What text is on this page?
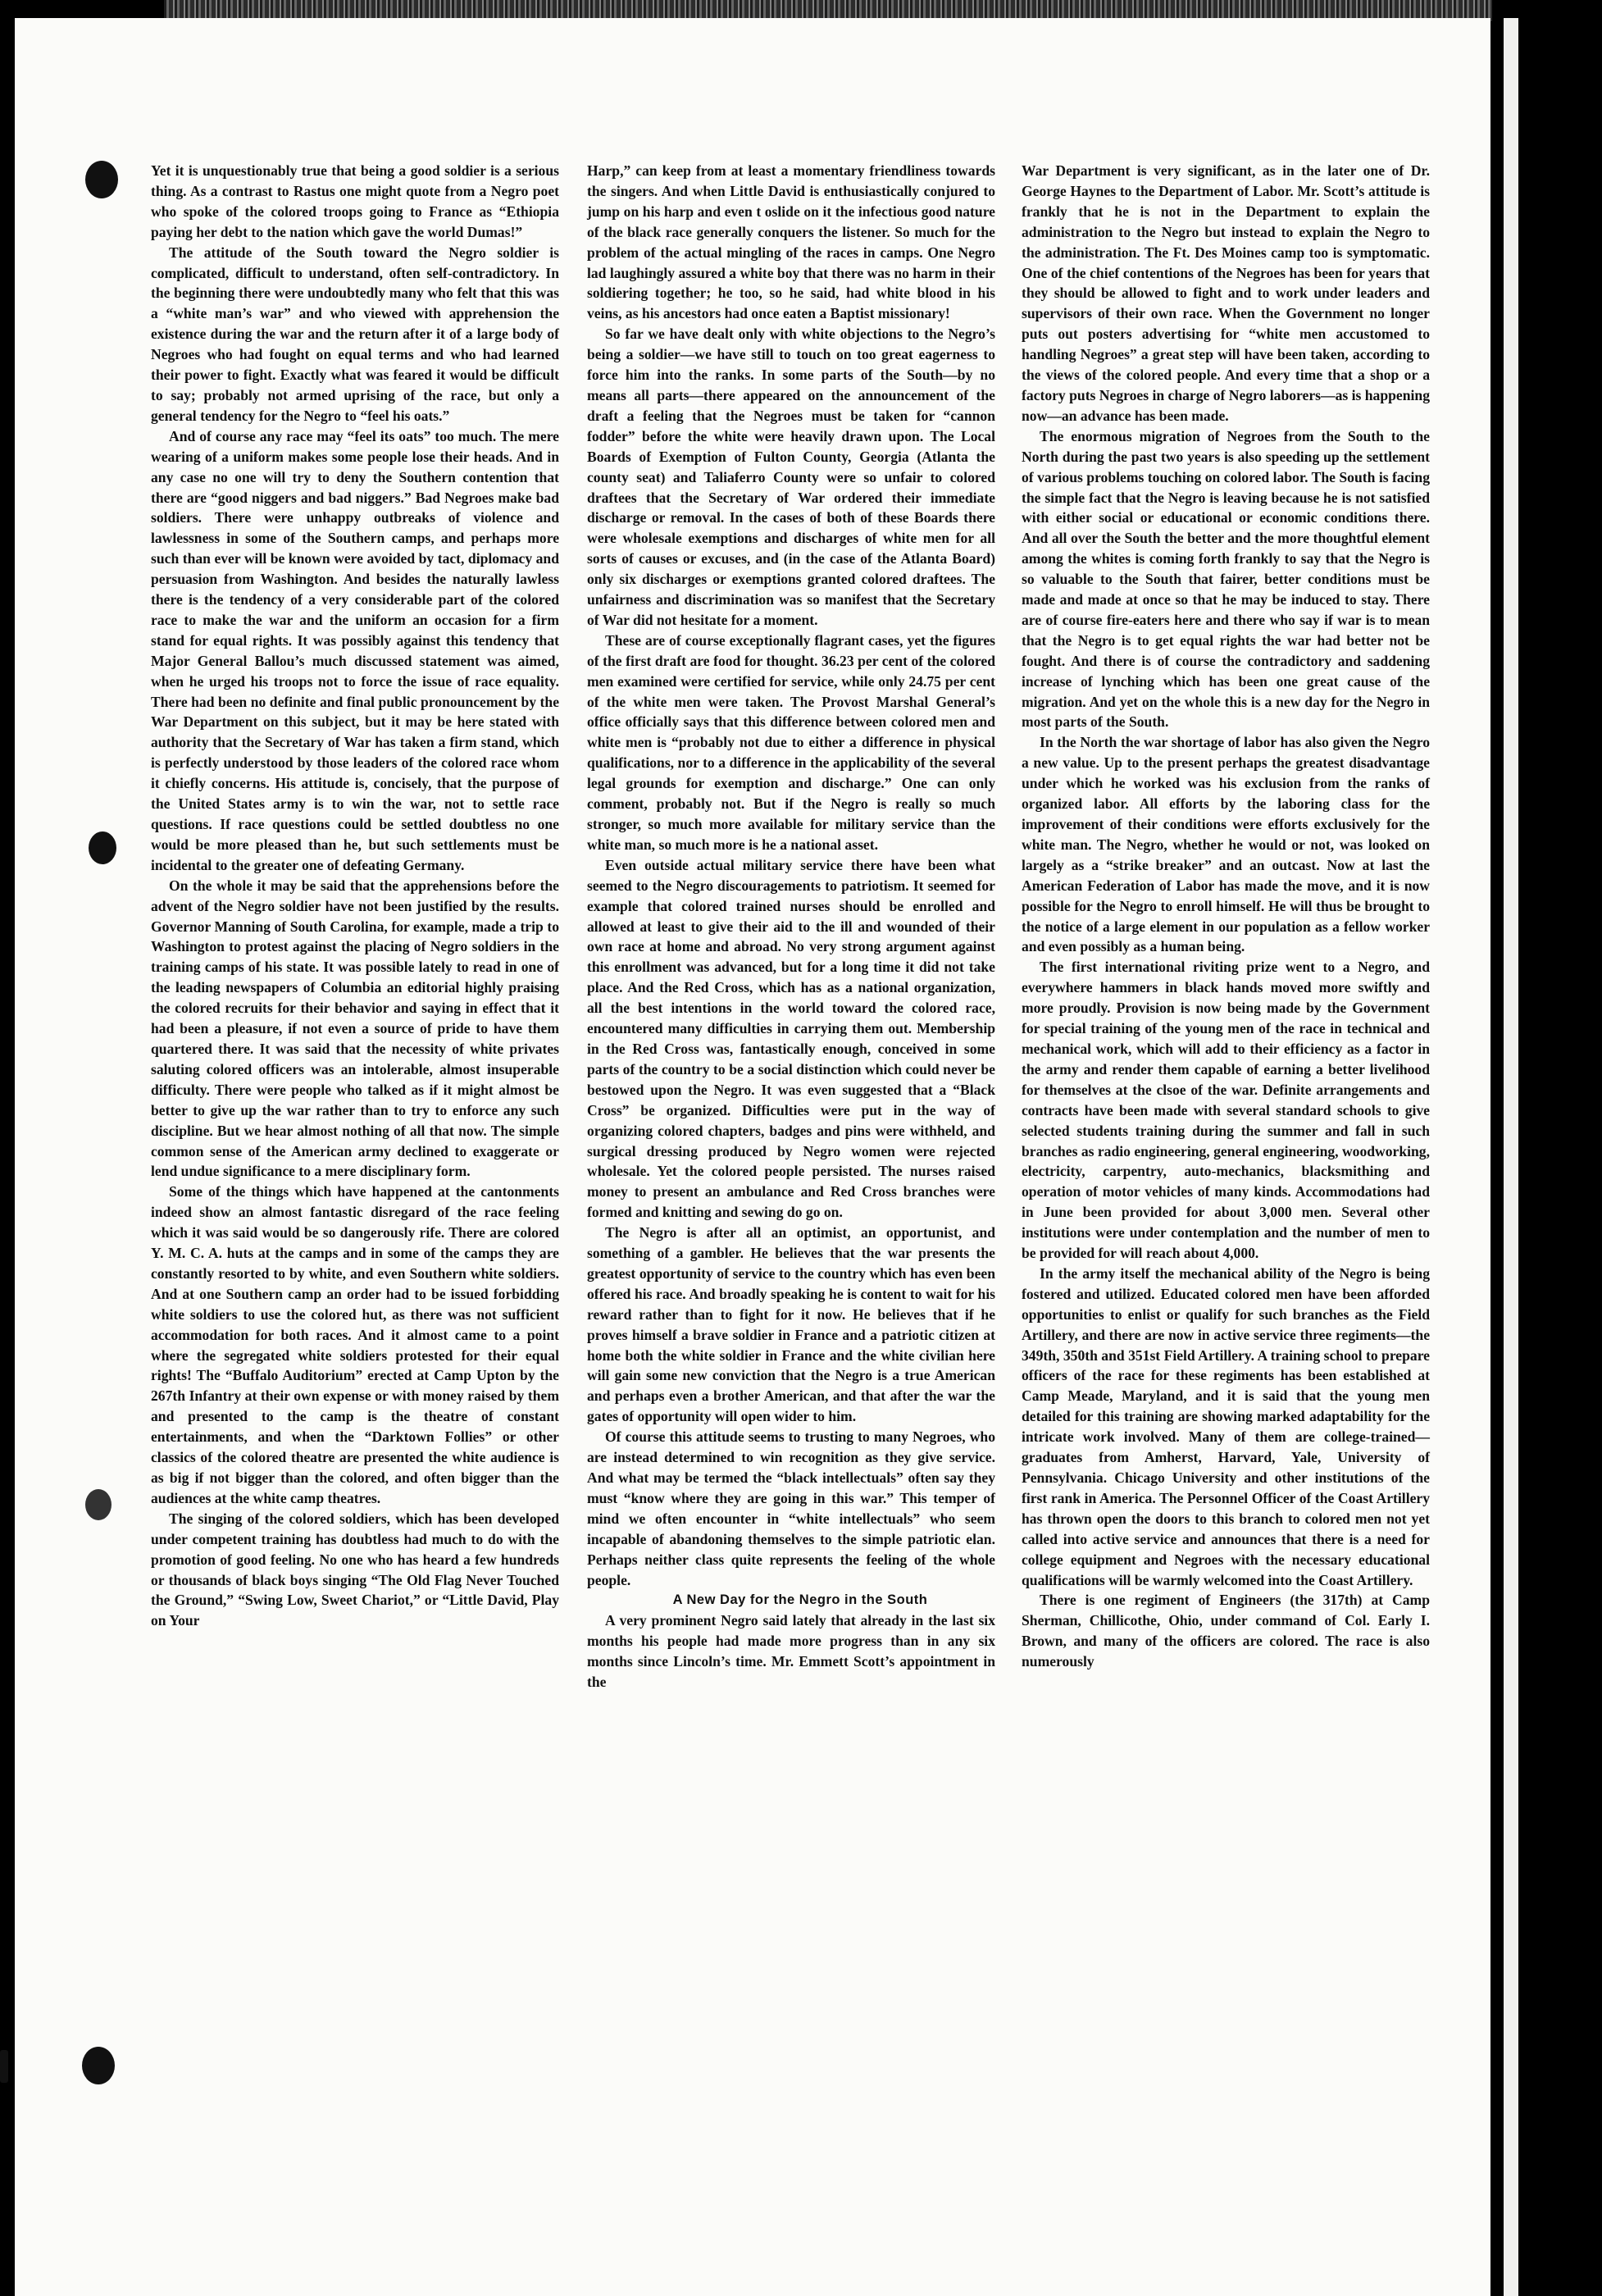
Yet it is unquestionably true that being a good soldier is a serious thing. As a contrast to Rastus one might quote from a Negro poet who spoke of the colored troops going to France as “Ethiopia paying her debt to the nation which gave the world Dumas!”

The attitude of the South toward the Negro soldier is complicated, difficult to understand, often self-contradictory. In the beginning there were undoubtedly many who felt that this was a “white man’s war” and who viewed with apprehension the existence during the war and the return after it of a large body of Negroes who had fought on equal terms and who had learned their power to fight. Exactly what was feared it would be difficult to say; probably not armed uprising of the race, but only a general tendency for the Negro to “feel his oats.”

And of course any race may “feel its oats” too much. The mere wearing of a uniform makes some people lose their heads. And in any case no one will try to deny the Southern contention that there are “good niggers and bad niggers.” Bad Negroes make bad soldiers. There were unhappy outbreaks of violence and lawlessness in some of the Southern camps, and perhaps more such than ever will be known were avoided by tact, diplomacy and persuasion from Washington. And besides the naturally lawless there is the tendency of a very considerable part of the colored race to make the war and the uniform an occasion for a firm stand for equal rights. It was possibly against this tendency that Major General Ballou’s much discussed statement was aimed, when he urged his troops not to force the issue of race equality. There had been no definite and final public pronouncement by the War Department on this subject, but it may be here stated with authority that the Secretary of War has taken a firm stand, which is perfectly understood by those leaders of the colored race whom it chiefly concerns. His attitude is, concisely, that the purpose of the United States army is to win the war, not to settle race questions. If race questions could be settled doubtless no one would be more pleased than he, but such settlements must be incidental to the greater one of defeating Germany.

On the whole it may be said that the apprehensions before the advent of the Negro soldier have not been justified by the results. Governor Manning of South Carolina, for example, made a trip to Washington to protest against the placing of Negro soldiers in the training camps of his state. It was possible lately to read in one of the leading newspapers of Columbia an editorial highly praising the colored recruits for their behavior and saying in effect that it had been a pleasure, if not even a source of pride to have them quartered there. It was said that the necessity of white privates saluting colored officers was an intolerable, almost insuperable difficulty. There were people who talked as if it might almost be better to give up the war rather than to try to enforce any such discipline. But we hear almost nothing of all that now. The simple common sense of the American army declined to exaggerate or lend undue significance to a mere disciplinary form.

Some of the things which have happened at the cantonments indeed show an almost fantastic disregard of the race feeling which it was said would be so dangerously rife. There are colored Y. M. C. A. huts at the camps and in some of the camps they are constantly resorted to by white, and even Southern white soldiers. And at one Southern camp an order had to be issued forbidding white soldiers to use the colored hut, as there was not sufficient accommodation for both races. And it almost came to a point where the segregated white soldiers protested for their equal rights! The “Buffalo Auditorium” erected at Camp Upton by the 267th Infantry at their own expense or with money raised by them and presented to the camp is the theatre of constant entertainments, and when the “Darktown Follies” or other classics of the colored theatre are presented the white audience is as big if not bigger than the colored, and often bigger than the audiences at the white camp theatres.

The singing of the colored soldiers, which has been developed under competent training has doubtless had much to do with the promotion of good feeling. No one who has heard a few hundreds or thousands of black boys singing “The Old Flag Never Touched the Ground,” “Swing Low, Sweet Chariot,” or “Little David, Play on Your

Harp,” can keep from at least a momentary friendliness towards the singers. And when Little David is enthusiastically conjured to jump on his harp and even t oslide on it the infectious good nature of the black race generally conquers the listener. So much for the problem of the actual mingling of the races in camps. One Negro lad laughingly assured a white boy that there was no harm in their soldiering together; he too, so he said, had white blood in his veins, as his ancestors had once eaten a Baptist missionary!

So far we have dealt only with white objections to the Negro’s being a soldier—we have still to touch on too great eagerness to force him into the ranks. In some parts of the South—by no means all parts—there appeared on the announcement of the draft a feeling that the Negroes must be taken for “cannon fodder” before the white were heavily drawn upon. The Local Boards of Exemption of Fulton County, Georgia (Atlanta the county seat) and Taliaferro County were so unfair to colored draftees that the Secretary of War ordered their immediate discharge or removal. In the cases of both of these Boards there were wholesale exemptions and discharges of white men for all sorts of causes or excuses, and (in the case of the Atlanta Board) only six discharges or exemptions granted colored draftees. The unfairness and discrimination was so manifest that the Secretary of War did not hesitate for a moment.

These are of course exceptionally flagrant cases, yet the figures of the first draft are food for thought. 36.23 per cent of the colored men examined were certified for service, while only 24.75 per cent of the white men were taken. The Provost Marshal General’s office officially says that this difference between colored men and white men is “probably not due to either a difference in physical qualifications, nor to a difference in the applicability of the several legal grounds for exemption and discharge.” One can only comment, probably not. But if the Negro is really so much stronger, so much more available for military service than the white man, so much more is he a national asset.

Even outside actual military service there have been what seemed to the Negro discouragements to patriotism. It seemed for example that colored trained nurses should be enrolled and allowed at least to give their aid to the ill and wounded of their own race at home and abroad. No very strong argument against this enrollment was advanced, but for a long time it did not take place. And the Red Cross, which has as a national organization, all the best intentions in the world toward the colored race, encountered many difficulties in carrying them out. Membership in the Red Cross was, fantastically enough, conceived in some parts of the country to be a social distinction which could never be bestowed upon the Negro. It was even suggested that a “Black Cross” be organized. Difficulties were put in the way of organizing colored chapters, badges and pins were withheld, and surgical dressing produced by Negro women were rejected wholesale. Yet the colored people persisted. The nurses raised money to present an ambulance and Red Cross branches were formed and knitting and sewing do go on.

The Negro is after all an optimist, an opportunist, and something of a gambler. He believes that the war presents the greatest opportunity of service to the country which has even been offered his race. And broadly speaking he is content to wait for his reward rather than to fight for it now. He believes that if he proves himself a brave soldier in France and a patriotic citizen at home both the white soldier in France and the white civilian here will gain some new conviction that the Negro is a true American and perhaps even a brother American, and that after the war the gates of opportunity will open wider to him.

Of course this attitude seems to trusting to many Negroes, who are instead determined to win recognition as they give service. And what may be termed the “black intellectuals” often say they must “know where they are going in this war.” This temper of mind we often encounter in “white intellectuals” who seem incapable of abandoning themselves to the simple patriotic elan. Perhaps neither class quite represents the feeling of the whole people.

A New Day for the Negro in the South

A very prominent Negro said lately that already in the last six months his people had made more progress than in any six months since Lincoln’s time. Mr. Emmett Scott’s appointment in the

War Department is very significant, as in the later one of Dr. George Haynes to the Department of Labor. Mr. Scott’s attitude is frankly that he is not in the Department to explain the administration to the Negro but instead to explain the Negro to the administration. The Ft. Des Moines camp too is symptomatic. One of the chief contentions of the Negroes has been for years that they should be allowed to fight and to work under leaders and supervisors of their own race. When the Government no longer puts out posters advertising for “white men accustomed to handling Negroes” a great step will have been taken, according to the views of the colored people. And every time that a shop or a factory puts Negroes in charge of Negro laborers—as is happening now—an advance has been made.

The enormous migration of Negroes from the South to the North during the past two years is also speeding up the settlement of various problems touching on colored labor. The South is facing the simple fact that the Negro is leaving because he is not satisfied with either social or educational or economic conditions there. And all over the South the better and the more thoughtful element among the whites is coming forth frankly to say that the Negro is so valuable to the South that fairer, better conditions must be made and made at once so that he may be induced to stay. There are of course fire-eaters here and there who say if war is to mean that the Negro is to get equal rights the war had better not be fought. And there is of course the contradictory and saddening increase of lynching which has been one great cause of the migration. And yet on the whole this is a new day for the Negro in most parts of the South.

In the North the war shortage of labor has also given the Negro a new value. Up to the present perhaps the greatest disadvantage under which he worked was his exclusion from the ranks of organized labor. All efforts by the laboring class for the improvement of their conditions were efforts exclusively for the white man. The Negro, whether he would or not, was looked on largely as a “strike breaker” and an outcast. Now at last the American Federation of Labor has made the move, and it is now possible for the Negro to enroll himself. He will thus be brought to the notice of a large element in our population as a fellow worker and even possibly as a human being.

The first international riviting prize went to a Negro, and everywhere hammers in black hands moved more swiftly and more proudly. Provision is now being made by the Government for special training of the young men of the race in technical and mechanical work, which will add to their efficiency as a factor in the army and render them capable of earning a better livelihood for themselves at the clsoe of the war. Definite arrangements and contracts have been made with several standard schools to give selected students training during the summer and fall in such branches as radio engineering, general engineering, woodworking, electricity, carpentry, auto-mechanics, blacksmithing and operation of motor vehicles of many kinds. Accommodations had in June been provided for about 3,000 men. Several other institutions were under contemplation and the number of men to be provided for will reach about 4,000.

In the army itself the mechanical ability of the Negro is being fostered and utilized. Educated colored men have been afforded opportunities to enlist or qualify for such branches as the Field Artillery, and there are now in active service three regiments—the 349th, 350th and 351st Field Artillery. A training school to prepare officers of the race for these regiments has been established at Camp Meade, Maryland, and it is said that the young men detailed for this training are showing marked adaptability for the intricate work involved. Many of them are college-trained—graduates from Amherst, Harvard, Yale, University of Pennsylvania. Chicago University and other institutions of the first rank in America. The Personnel Officer of the Coast Artillery has thrown open the doors to this branch to colored men not yet called into active service and announces that there is a need for college equipment and Negroes with the necessary educational qualifications will be warmly welcomed into the Coast Artillery.

There is one regiment of Engineers (the 317th) at Camp Sherman, Chillicothe, Ohio, under command of Col. Early I. Brown, and many of the officers are colored. The race is also numerously
